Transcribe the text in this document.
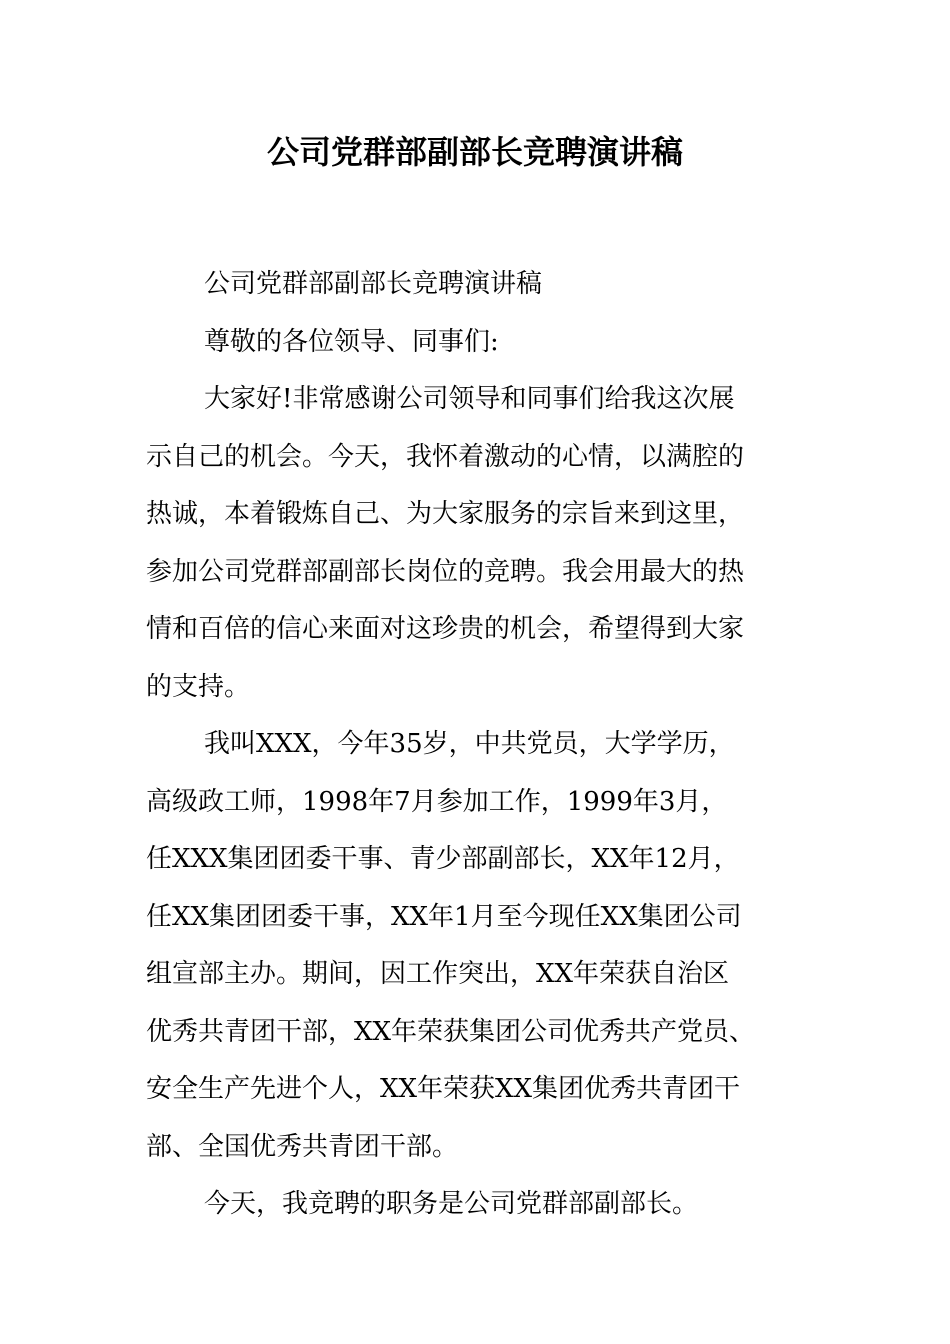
公司党群部副部长竞聘演讲稿
公司党群部副部长竞聘演讲稿
尊敬的各位领导、同事们:
大家好!非常感谢公司领导和同事们给我这次展
示自己的机会。今天，我怀着激动的心情，以满腔的
热诚，本着锻炼自己、为大家服务的宗旨来到这里，
参加公司党群部副部长岗位的竞聘。我会用最大的热
情和百倍的信心来面对这珍贵的机会，希望得到大家
的支持。
我叫XXX，今年35岁，中共党员，大学学历，
高级政工师，1998年7月参加工作，1999年3月，
任XXX集团团委干事、青少部副部长，XX年12月，
任XX集团团委干事，XX年1月至今现任XX集团公司
组宣部主办。期间，因工作突出，XX年荣获自治区
优秀共青团干部，XX年荣获集团公司优秀共产党员、
安全生产先进个人，XX年荣获XX集团优秀共青团干
部、全国优秀共青团干部。
今天，我竞聘的职务是公司党群部副部长。
